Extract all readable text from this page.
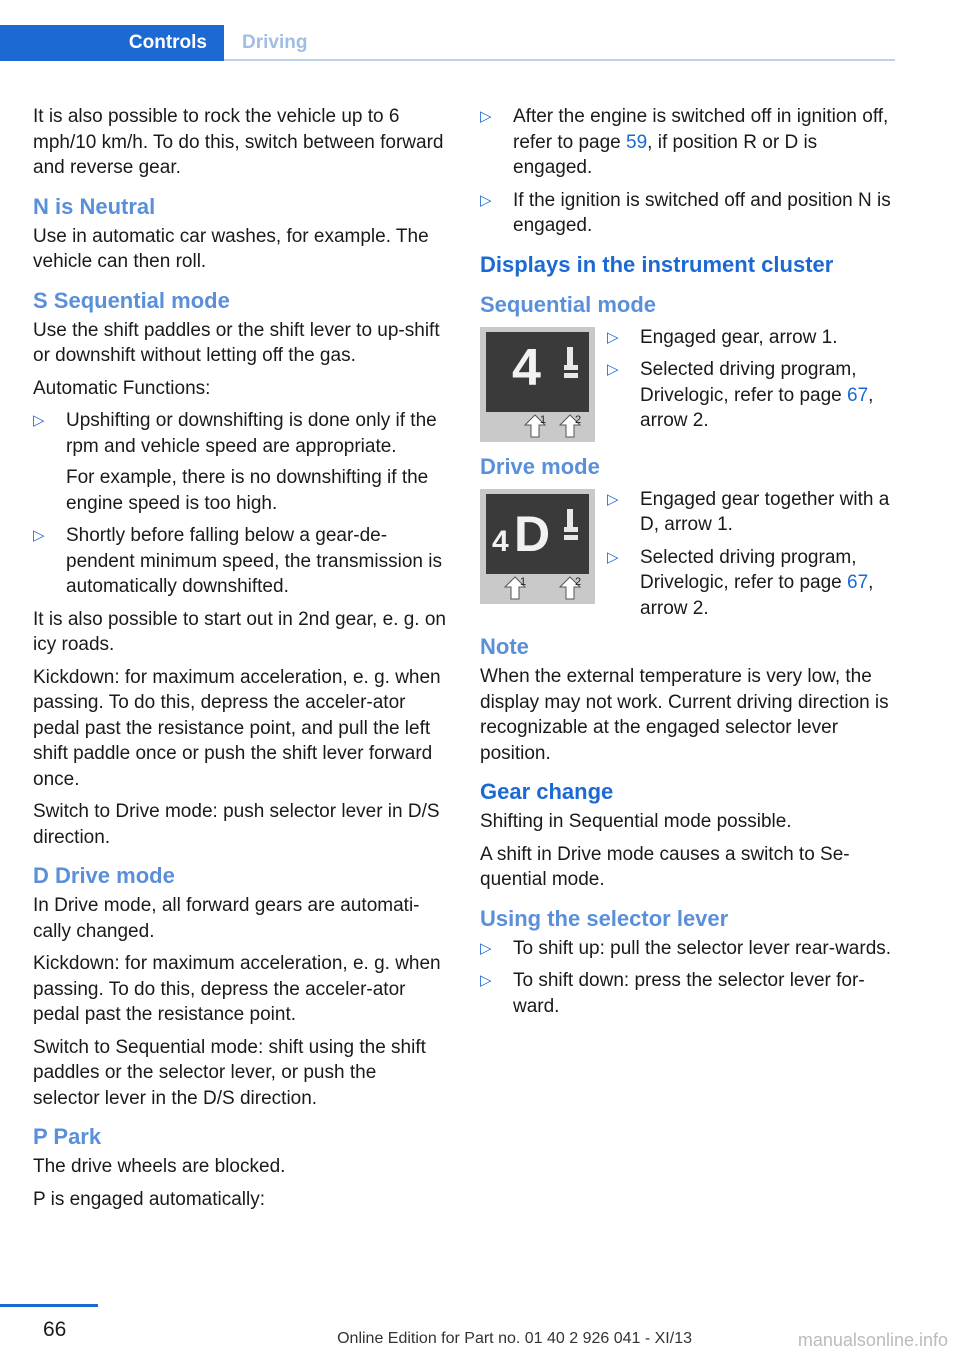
Controls	Driving

It is also possible to rock the vehicle up to 6 mph/10 km/h. To do this, switch between forward and reverse gear.

N is Neutral

Use in automatic car washes, for example. The vehicle can then roll.

S Sequential mode

Use the shift paddles or the shift lever to up-shift or downshift without letting off the gas.

Automatic Functions:

▷ Upshifting or downshifting is done only if the rpm and vehicle speed are appropriate.

For example, there is no downshifting if the engine speed is too high.

▷ Shortly before falling below a gear-de-pendent minimum speed, the transmission is automatically downshifted.

It is also possible to start out in 2nd gear, e. g. on icy roads.

Kickdown: for maximum acceleration, e. g. when passing. To do this, depress the acceler-ator pedal past the resistance point, and pull the left shift paddle once or push the shift lever forward once.

Switch to Drive mode: push selector lever in D/S direction.

D Drive mode

In Drive mode, all forward gears are automati-cally changed.

Kickdown: for maximum acceleration, e. g. when passing. To do this, depress the acceler-ator pedal past the resistance point.

Switch to Sequential mode: shift using the shift paddles or the selector lever, or push the selector lever in the D/S direction.

P Park

The drive wheels are blocked.

P is engaged automatically:

▷ After the engine is switched off in ignition off, refer to page 59, if position R or D is engaged.
▷ If the ignition is switched off and position N is engaged.
Displays in the instrument cluster
Sequential mode
4
1	2
▷ Engaged gear, arrow 1.
▷ Selected driving program, Drivelogic, refer to page 67, arrow 2.
Drive mode
4 D
1	2
▷ Engaged gear together with a D, arrow 1.
▷ Selected driving program, Drivelogic, refer to page 67, arrow 2.
Note

When the external temperature is very low, the display may not work. Current driving direction is recognizable at the engaged selector lever position.

Gear change

Shifting in Sequential mode possible.

A shift in Drive mode causes a switch to Se-quential mode.

Using the selector lever
▷ To shift up: pull the selector lever rear-wards.
▷ To shift down: press the selector lever for-ward.
66	Online Edition for Part no. 01 40 2 926 041 - XI/13	manualsonline.info
